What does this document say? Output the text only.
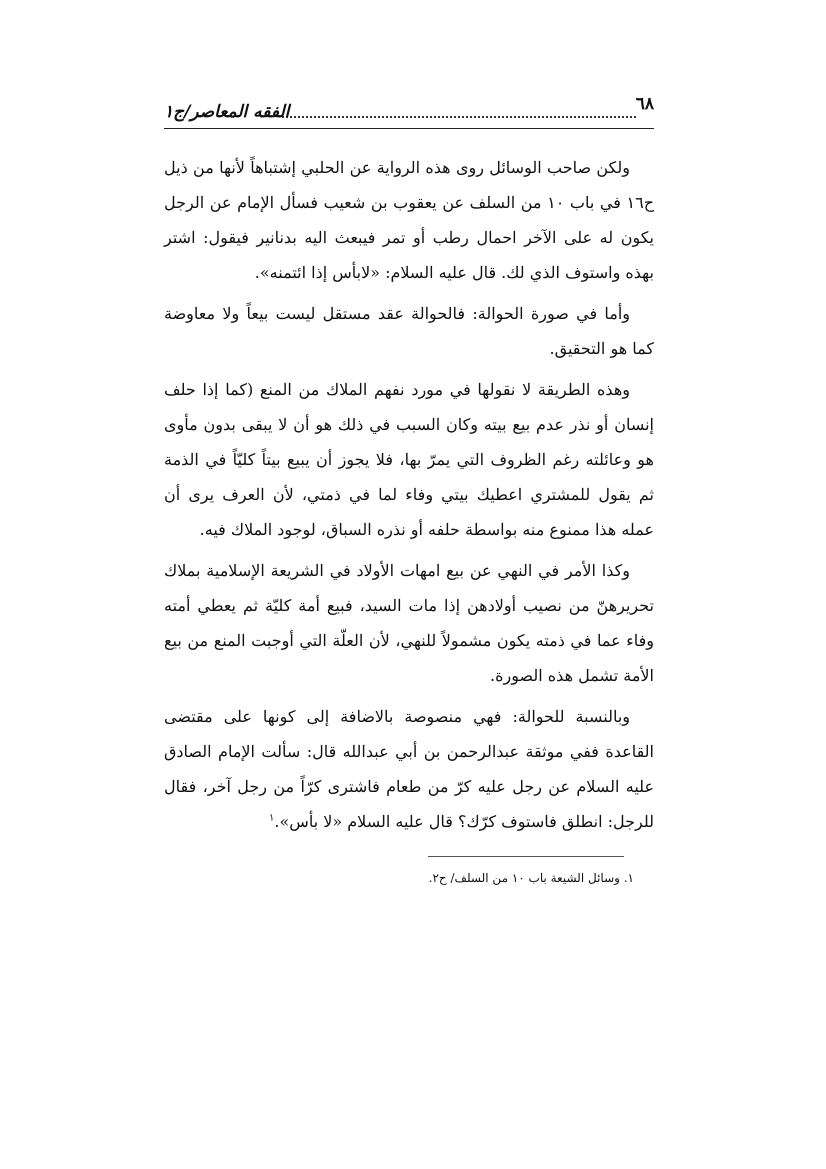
٦٨
الفقه المعاصر/ج١

ولكن صاحب الوسائل روى هذه الرواية عن الحلبي إشتباهاً لأنها من ذيل ح١٦ في باب ١٠ من السلف عن يعقوب بن شعيب فسأل الإمام عن الرجل يكون له على الآخر احمال رطب أو تمر فيبعث اليه بدنانير فيقول: اشتر بهذه واستوف الذي لك. قال عليه السلام: «لابأس إذا ائتمنه».

وأما في صورة الحوالة: فالحوالة عقد مستقل ليست بيعاً ولا معاوضة كما هو التحقيق.

وهذه الطريقة لا نقولها في مورد نفهم الملاك من المنع (كما إذا حلف إنسان أو نذر عدم بيع بيته وكان السبب في ذلك هو أن لا يبقى بدون مأوى هو وعائلته رغم الظروف التي يمرّ بها، فلا يجوز أن يبيع بيتاً كليّاً في الذمة ثم يقول للمشتري اعطيك بيتي وفاء لما في ذمتي، لأن العرف يرى أن عمله هذا ممنوع منه بواسطة حلفه أو نذره السباق، لوجود الملاك فيه.

وكذا الأمر في النهي عن بيع امهات الأولاد في الشريعة الإسلامية بملاك تحريرهنّ من نصيب أولادهن إذا مات السيد، فبيع أمة كليّة ثم يعطي أمته وفاء عما في ذمته يكون مشمولاً للنهي، لأن العلّة التي أوجبت المنع من بيع الأمة تشمل هذه الصورة.

وبالنسبة للحوالة: فهي منصوصة بالاضافة إلى كونها على مقتضى القاعدة ففي موثقة عبدالرحمن بن أبي عبدالله قال: سألت الإمام الصادق عليه السلام عن رجل عليه كرّ من طعام فاشترى كرّاً من رجل آخر، فقال للرجل: انطلق فاستوف كرّك؟ قال عليه السلام «لا بأس».$^١$

١. وسائل الشيعة باب ١٠ من السلف/ ح٢.
